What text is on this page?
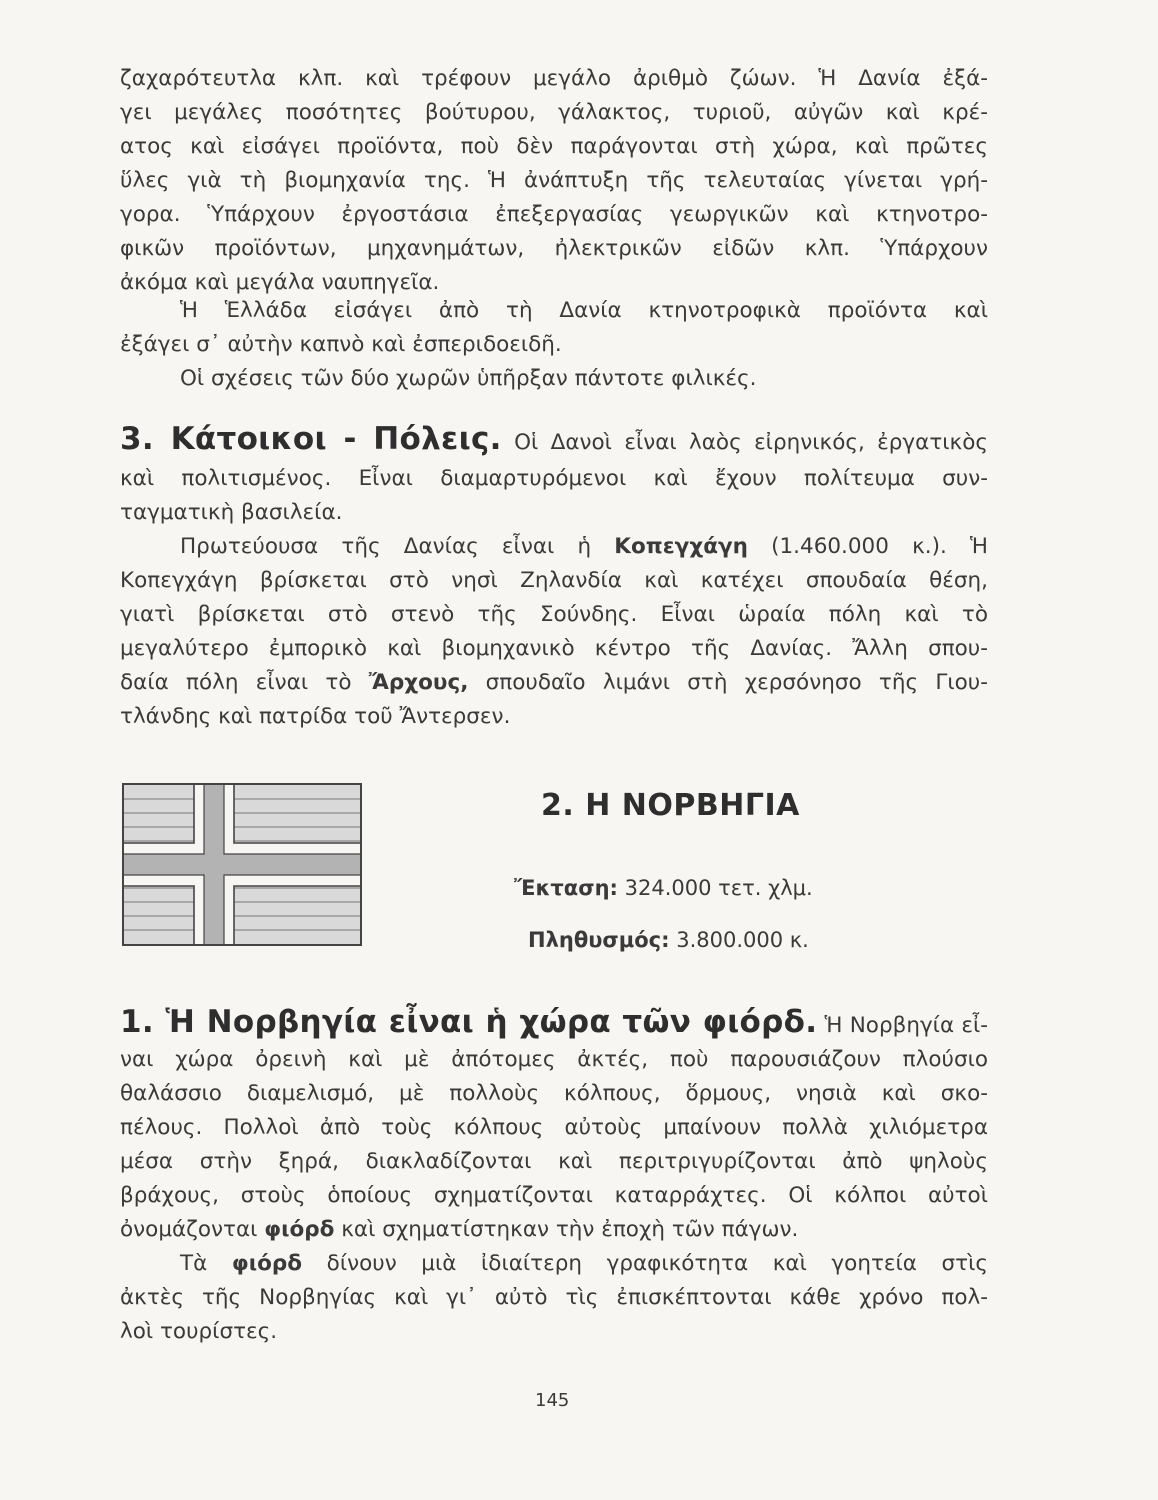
ζαχαρότευτλα κλπ. καὶ τρέφουν μεγάλο ἀριθμὸ ζώων. Ἡ Δανία ἐξά-
γει μεγάλες ποσότητες βούτυρου, γάλακτος, τυριοῦ, αὐγῶν καὶ κρέ-
ατος καὶ εἰσάγει προϊόντα, ποὺ δὲν παράγονται στὴ χώρα, καὶ πρῶτες
ὕλες γιὰ τὴ βιομηχανία της. Ἡ ἀνάπτυξη τῆς τελευταίας γίνεται γρή-
γορα. Ὑπάρχουν ἐργοστάσια ἐπεξεργασίας γεωργικῶν καὶ κτηνοτρο-
φικῶν προϊόντων, μηχανημάτων, ἠλεκτρικῶν εἰδῶν κλπ. Ὑπάρχουν
ἀκόμα καὶ μεγάλα ναυπηγεῖα.
Ἡ Ἑλλάδα εἰσάγει ἀπὸ τὴ Δανία κτηνοτροφικὰ προϊόντα καὶ
ἐξάγει σ᾽ αὐτὴν καπνὸ καὶ ἐσπεριδοειδῆ.
Οἱ σχέσεις τῶν δύο χωρῶν ὑπῆρξαν πάντοτε φιλικές.
3. Κάτοικοι - Πόλεις. Οἱ Δανοὶ εἶναι λαὸς εἰρηνικός, ἐργατικὸς
καὶ πολιτισμένος. Εἶναι διαμαρτυρόμενοι καὶ ἔχουν πολίτευμα συν-
ταγματικὴ βασιλεία.
Πρωτεύουσα τῆς Δανίας εἶναι ἡ Κοπεγχάγη (1.460.000 κ.). Ἡ
Κοπεγχάγη βρίσκεται στὸ νησὶ Ζηλανδία καὶ κατέχει σπουδαία θέση,
γιατὶ βρίσκεται στὸ στενὸ τῆς Σούνδης. Εἶναι ὡραία πόλη καὶ τὸ
μεγαλύτερο ἐμπορικὸ καὶ βιομηχανικὸ κέντρο τῆς Δανίας. Ἄλλη σπου-
δαία πόλη εἶναι τὸ Ἄρχους, σπουδαῖο λιμάνι στὴ χερσόνησο τῆς Γιου-
τλάνδης καὶ πατρίδα τοῦ Ἄντερσεν.
2. Η ΝΟΡΒΗΓΙΑ
Ἔκταση: 324.000 τετ. χλμ.
Πληθυσμός: 3.800.000 κ.
1. Ἡ Νορβηγία εἶναι ἡ χώρα τῶν φιόρδ. Ἡ Νορβηγία εἶ-
ναι χώρα ὀρεινὴ καὶ μὲ ἀπότομες ἀκτές, ποὺ παρουσιάζουν πλούσιο
θαλάσσιο διαμελισμό, μὲ πολλοὺς κόλπους, ὅρμους, νησιὰ καὶ σκο-
πέλους. Πολλοὶ ἀπὸ τοὺς κόλπους αὐτοὺς μπαίνουν πολλὰ χιλιόμετρα
μέσα στὴν ξηρά, διακλαδίζονται καὶ περιτριγυρίζονται ἀπὸ ψηλοὺς
βράχους, στοὺς ὁποίους σχηματίζονται καταρράχτες. Οἱ κόλποι αὐτοὶ
ὀνομάζονται φιόρδ καὶ σχηματίστηκαν τὴν ἐποχὴ τῶν πάγων.
Τὰ φιόρδ δίνουν μιὰ ἰδιαίτερη γραφικότητα καὶ γοητεία στὶς
ἀκτὲς τῆς Νορβηγίας καὶ γι᾽ αὐτὸ τὶς ἐπισκέπτονται κάθε χρόνο πολ-
λοὶ τουρίστες.
145
